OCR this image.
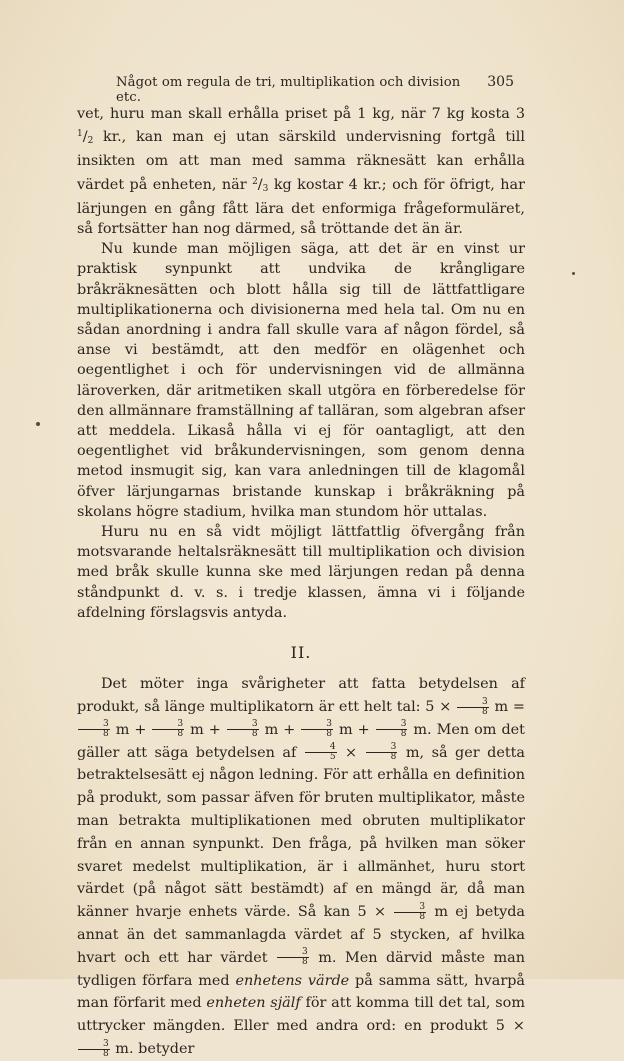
Något om regula de tri, multiplikation och division etc.
305

vet, huru man skall erhålla priset på 1 kg, när 7 kg kosta 3 $^1/_2$ kr., kan man ej utan särskild undervisning fortgå till insikten om att man med samma räknesätt kan erhålla värdet på enheten, när $^2/_3$ kg kostar 4 kr.; och för öfrigt, har lärjungen en gång fått lära det enformiga frågeformuläret, så fortsätter han nog därmed, så tröttande det än är.

Nu kunde man möjligen säga, att det är en vinst ur praktisk synpunkt att undvika de krångligare bråkräknesätten och blott hålla sig till de lättfattligare multiplikationerna och divisionerna med hela tal. Om nu en sådan anordning i andra fall skulle vara af någon fördel, så anse vi bestämdt, att den medför en olägenhet och oegentlighet i och för undervisningen vid de allmänna läroverken, där aritmetiken skall utgöra en förberedelse för den allmännare framställning af talläran, som algebran afser att meddela. Likaså hålla vi ej för oantagligt, att den oegentlighet vid bråkundervisningen, som genom denna metod insmugit sig, kan vara anledningen till de klagomål öfver lärjungarnas bristande kunskap i bråkräkning på skolans högre stadium, hvilka man stundom hör uttalas.

Huru nu en så vidt möjligt lättfattlig öfvergång från motsvarande heltalsräknesätt till multiplikation och division med bråk skulle kunna ske med lärjungen redan på denna ståndpunkt d. v. s. i tredje klassen, ämna vi i följande afdelning förslagsvis antyda.

II.

Det möter inga svårigheter att fatta betydelsen af produkt, så länge multiplikatorn är ett helt tal: $5 \times \frac{3}{8}$ m =
$\frac{3}{8}$ $m + \frac{3}{8}$ $m + \frac{3}{8}$ $m + \frac{3}{8}$ $m + \frac{3}{8} m$. Men om det gäller att säga betydelsen af $\frac{4}{5} \times \frac{3}{8} m$, så ger detta betraktelsesätt ej någon ledning. För att erhålla en definition på produkt, som passar äfven för bruten multiplikator, måste man betrakta multiplikationen med obruten multiplikator från en annan synpunkt. Den fråga, på hvilken man söker svaret medelst multiplikation, är i allmänhet, huru stort värdet (på något sätt bestämdt) af en mängd är, då man känner hvarje enhets värde. Så kan $5 \times \frac{3}{8}$ m ej betyda annat än det sammanlagda värdet af 5 stycken, af hvilka hvart och ett har värdet $\frac{3}{8} m$. Men därvid måste man tydligen förfara med enhetens värde på samma sätt, hvarpå man förfarit med enheten själf för att komma till det tal, som uttrycker mängden. Eller med andra ord: en produkt 5 ×
$\frac{3}{8} m$. betyder
